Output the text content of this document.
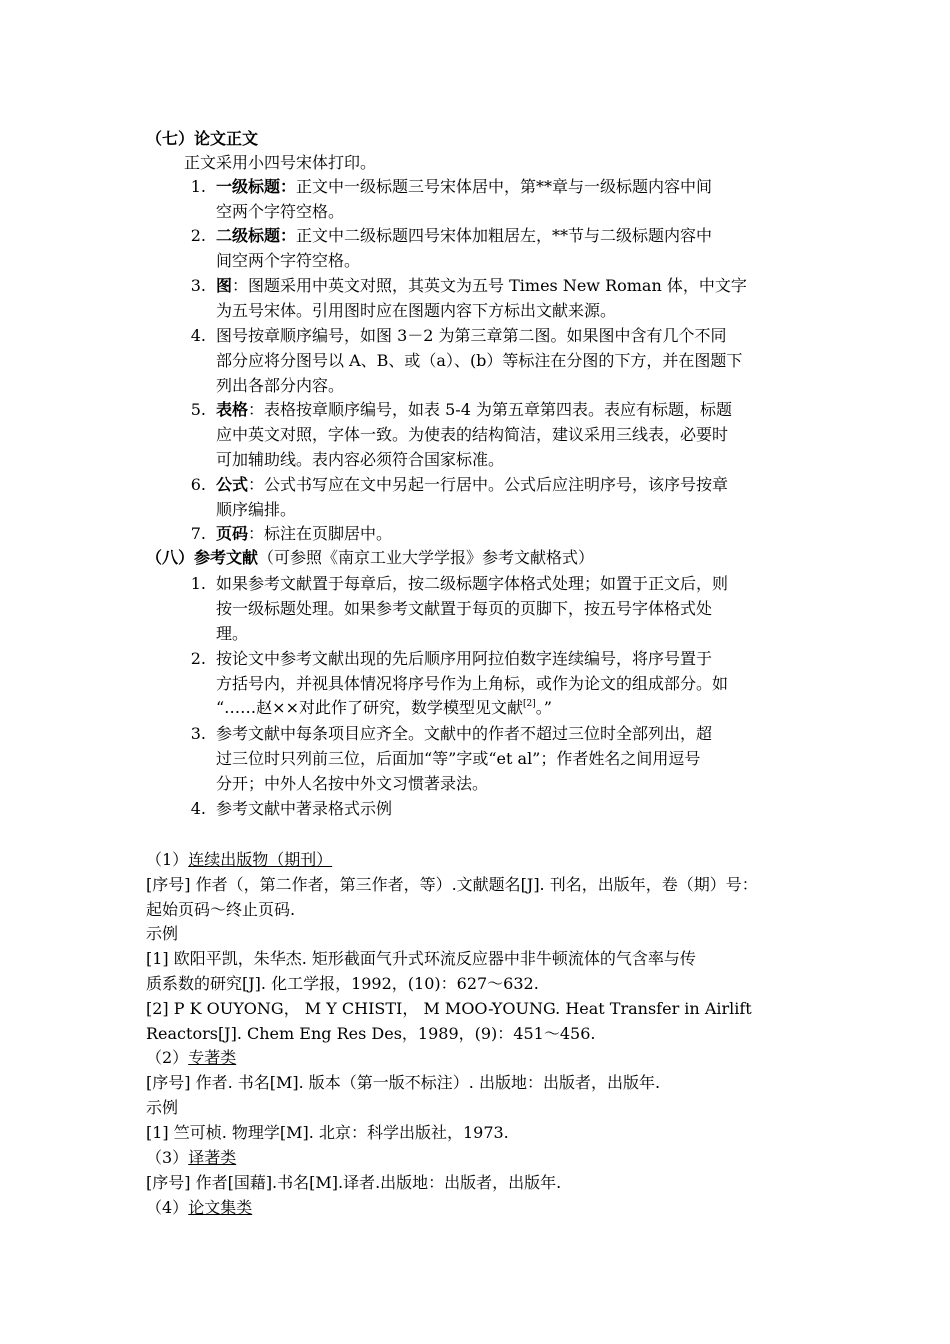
（七）论文正文
正文采用小四号宋体打印。
1. 一级标题：正文中一级标题三号宋体居中，第**章与一级标题内容中间
空两个字符空格。
2. 二级标题：正文中二级标题四号宋体加粗居左，**节与二级标题内容中
间空两个字符空格。
3. 图：图题采用中英文对照，其英文为五号 Times New Roman 体，中文字
为五号宋体。引用图时应在图题内容下方标出文献来源。
4. 图号按章顺序编号，如图 3－2 为第三章第二图。如果图中含有几个不同
部分应将分图号以 A、B、或（a）、(b）等标注在分图的下方，并在图题下
列出各部分内容。
5. 表格：表格按章顺序编号，如表 5-4 为第五章第四表。表应有标题，标题
应中英文对照，字体一致。为使表的结构简洁，建议采用三线表，必要时
可加辅助线。表内容必须符合国家标准。
6. 公式：公式书写应在文中另起一行居中。公式后应注明序号，该序号按章
顺序编排。
7. 页码：标注在页脚居中。
（八）参考文献（可参照《南京工业大学学报》参考文献格式）
1. 如果参考文献置于每章后，按二级标题字体格式处理；如置于正文后，则
按一级标题处理。如果参考文献置于每页的页脚下，按五号字体格式处
理。
2. 按论文中参考文献出现的先后顺序用阿拉伯数字连续编号，将序号置于
方括号内，并视具体情况将序号作为上角标，或作为论文的组成部分。如
“……赵××对此作了研究，数学模型见文献[2]。”
3. 参考文献中每条项目应齐全。文献中的作者不超过三位时全部列出，超
过三位时只列前三位，后面加“等”字或“et al”；作者姓名之间用逗号
分开；中外人名按中外文习惯著录法。
4. 参考文献中著录格式示例
（1）连续出版物（期刊）
[序号] 作者（，第二作者，第三作者，等）.文献题名[J]. 刊名，出版年，卷（期）号：
起始页码～终止页码.
示例
[1] 欧阳平凯，朱华杰. 矩形截面气升式环流反应器中非牛顿流体的气含率与传
质系数的研究[J]. 化工学报，1992，(10)：627～632.
[2] P K OUYONG， M Y CHISTI， M MOO-YOUNG. Heat Transfer in Airlift
Reactors[J]. Chem Eng Res Des，1989，(9)：451～456.
（2）专著类
[序号] 作者. 书名[M]. 版本（第一版不标注）. 出版地：出版者，出版年.
示例
[1] 竺可桢. 物理学[M]. 北京：科学出版社，1973.
（3）译著类
[序号] 作者[国藉].书名[M].译者.出版地：出版者，出版年.
（4）论文集类
